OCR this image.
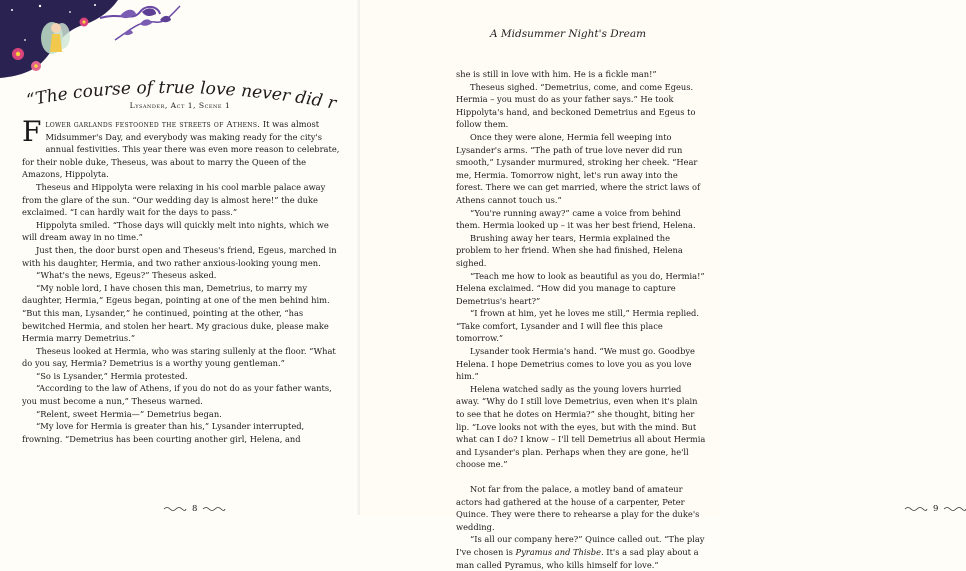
“The course of true love never did r
Lysander, Act 1, Scene 1

Flower garlands festooned the streets of Athens. It was almost Midsummer's Day, and everybody was making ready for the city's annual festivities. This year there was even more reason to celebrate, for their noble duke, Theseus, was about to marry the Queen of the Amazons, Hippolyta.

Theseus and Hippolyta were relaxing in his cool marble palace away from the glare of the sun. “Our wedding day is almost here!” the duke exclaimed. “I can hardly wait for the days to pass.”

Hippolyta smiled. “Those days will quickly melt into nights, which we will dream away in no time.”

Just then, the door burst open and Theseus's friend, Egeus, marched in with his daughter, Hermia, and two rather anxious-looking young men.

“What's the news, Egeus?” Theseus asked.

“My noble lord, I have chosen this man, Demetrius, to marry my daughter, Hermia,” Egeus began, pointing at one of the men behind him. “But this man, Lysander,” he continued, pointing at the other, “has bewitched Hermia, and stolen her heart. My gracious duke, please make Hermia marry Demetrius.”

Theseus looked at Hermia, who was staring sullenly at the floor. “What do you say, Hermia? Demetrius is a worthy young gentleman.”

“So is Lysander,” Hermia protested.

“According to the law of Athens, if you do not do as your father wants, you must become a nun,” Theseus warned.

“Relent, sweet Hermia—” Demetrius began.

“My love for Hermia is greater than his,” Lysander interrupted, frowning. “Demetrius has been courting another girl, Helena, and

8

she is still in love with him. He is a fickle man!”

Theseus sighed. “Demetrius, come, and come Egeus. Hermia – you must do as your father says.” He took Hippolyta's hand, and beckoned Demetrius and Egeus to follow them.

Once they were alone, Hermia fell weeping into Lysander's arms. “The path of true love never did run smooth,” Lysander murmured, stroking her cheek. “Hear me, Hermia. Tomorrow night, let's run away into the forest. There we can get married, where the strict laws of Athens cannot touch us.”

“You're running away?” came a voice from behind them. Hermia looked up – it was her best friend, Helena.

Brushing away her tears, Hermia explained the problem to her friend. When she had finished, Helena sighed.

“Teach me how to look as beautiful as you do, Hermia!” Helena exclaimed. “How did you manage to capture Demetrius's heart?”

“I frown at him, yet he loves me still,” Hermia replied. “Take comfort, Lysander and I will flee this place tomorrow.”

Lysander took Hermia's hand. “We must go. Goodbye Helena. I hope Demetrius comes to love you as you love him.”

Helena watched sadly as the young lovers hurried away. “Why do I still love Demetrius, even when it's plain to see that he dotes on Hermia?” she thought, biting her lip. “Love looks not with the eyes, but with the mind. But what can I do? I know – I'll tell Demetrius all about Hermia and Lysander's plan. Perhaps when they are gone, he'll choose me.”

Not far from the palace, a motley band of amateur actors had gathered at the house of a carpenter, Peter Quince. They were there to rehearse a play for the duke's wedding.

“Is all our company here?” Quince called out. “The play I've chosen is Pyramus and Thisbe. It's a sad play about a man called Pyramus, who kills himself for love.”

9
A Midsummer Night's Dream
